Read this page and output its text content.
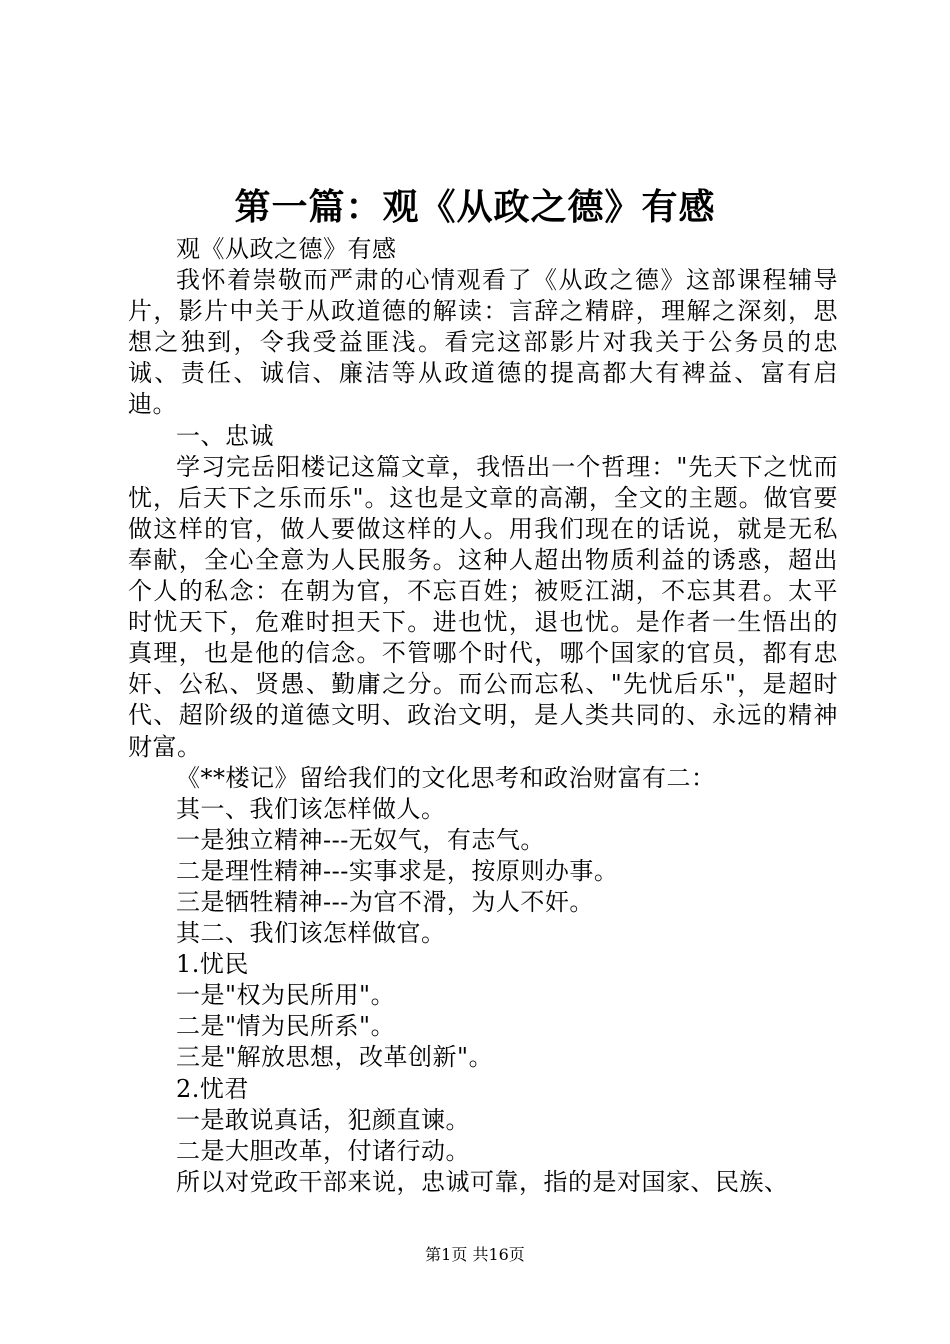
第一篇：观《从政之德》有感

观《从政之德》有感

我怀着崇敬而严肃的心情观看了《从政之德》这部课程辅导片，影片中关于从政道德的解读：言辞之精辟，理解之深刻，思想之独到，令我受益匪浅。看完这部影片对我关于公务员的忠诚、责任、诚信、廉洁等从政道德的提高都大有裨益、富有启迪。

一、忠诚

学习完岳阳楼记这篇文章，我悟出一个哲理："先天下之忧而忧，后天下之乐而乐"。这也是文章的高潮，全文的主题。做官要做这样的官，做人要做这样的人。用我们现在的话说，就是无私奉献，全心全意为人民服务。这种人超出物质利益的诱惑，超出个人的私念：在朝为官，不忘百姓；被贬江湖，不忘其君。太平时忧天下，危难时担天下。进也忧，退也忧。是作者一生悟出的真理，也是他的信念。不管哪个时代，哪个国家的官员，都有忠奸、公私、贤愚、勤庸之分。而公而忘私、"先忧后乐"，是超时代、超阶级的道德文明、政治文明，是人类共同的、永远的精神财富。

《**楼记》留给我们的文化思考和政治财富有二：

其一、我们该怎样做人。

一是独立精神---无奴气，有志气。

二是理性精神---实事求是，按原则办事。

三是牺牲精神---为官不滑，为人不奸。

其二、我们该怎样做官。

1.忧民

一是"权为民所用"。

二是"情为民所系"。

三是"解放思想，改革创新"。

2.忧君

一是敢说真话，犯颜直谏。

二是大胆改革，付诸行动。

所以对党政干部来说，忠诚可靠，指的是对国家、民族、

第1页 共16页
